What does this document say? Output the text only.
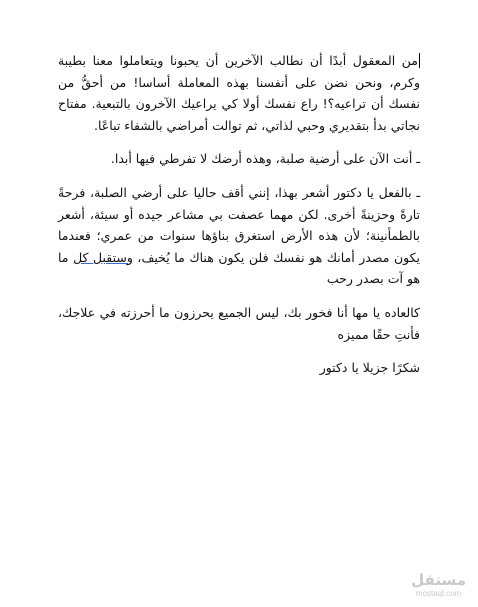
من المعقول أبدًا أن نطالب الآخرين أن يحبونا ويتعاملوا معنا بطيبة وكرم، ونحن نضن على أنفسنا بهذه المعاملة أساسا! من أحقُّ من نفسك أن تراعيه؟! راع نفسك أولا كي يراعيك الآخرون بالتبعية. مفتاح نجاتي بدأ بتقديري وحبي لذاتي، ثم توالت أمراضي بالشفاء تباعًا.

ـ أنت الآن على أرضية صلبة، وهذه أرضك لا تفرطي فيها أبدا.

ـ بالفعل يا دكتور أشعر بهذا، إنني أقف حاليا على أرضي الصلبة، فرحةً تارةً وحزينةً أخرى. لكن مهما عصفت بي مشاعر جيده أو سيئة، أشعر بالطمأنينة؛ لأن هذه الأرض استغرق بناؤها سنوات من عمري؛ فعندما يكون مصدر أمانك هو نفسك فلن يكون هناك ما يُخيف، وستقبل كل ما هو آت بصدر رحب

كالعاده يا مها أنا فخور بك، ليس الجميع يحرزون ما أحرزته في علاجك، فأنتِ حقًا مميزه

شكرًا جزيلا يا دكتور

مستقل
mostaql.com
